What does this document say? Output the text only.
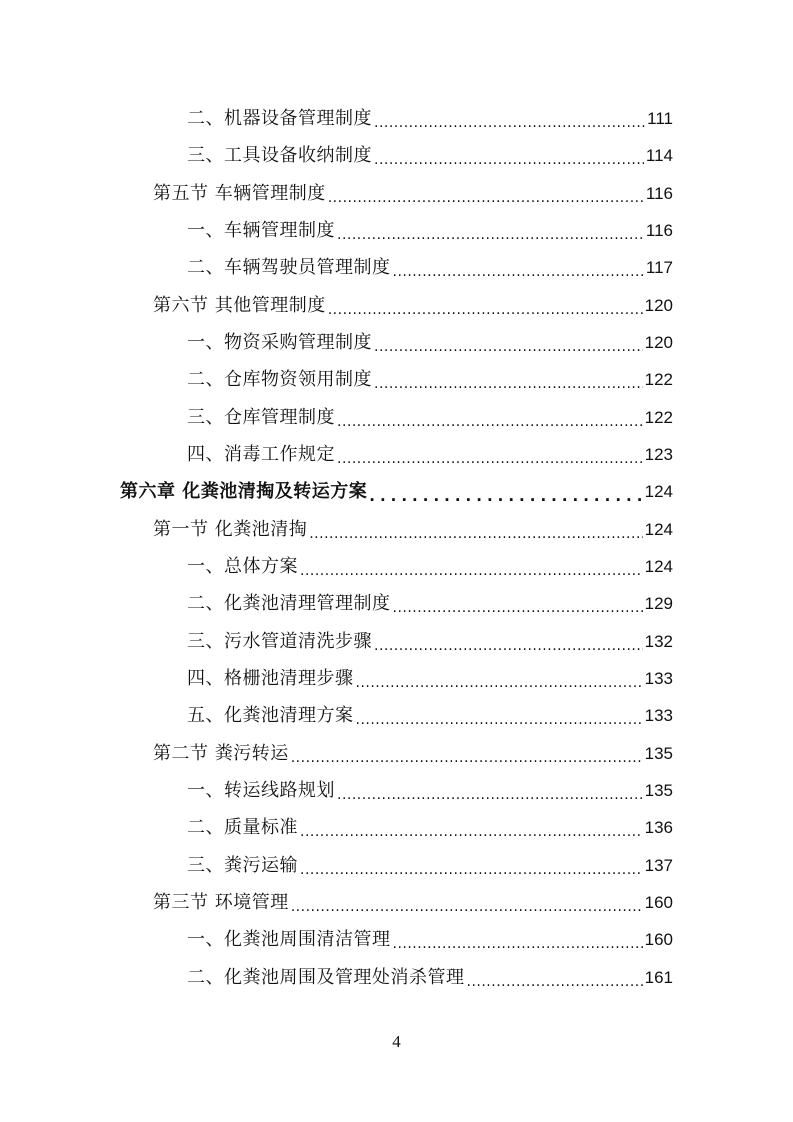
二、机器设备管理制度 .....	111
三、工具设备收纳制度 .....	114
第五节 车辆管理制度 .....	116
一、车辆管理制度 .....	116
二、车辆驾驶员管理制度 .....	117
第六节 其他管理制度 .....	120
一、物资采购管理制度 .....	120
二、仓库物资领用制度 .....	122
三、仓库管理制度 .....	122
四、消毒工作规定 .....	123
第六章 化粪池清掏及转运方案 .....	124
第一节 化粪池清掏 .....	124
一、总体方案 .....	124
二、化粪池清理管理制度 .....	129
三、污水管道清洗步骤 .....	132
四、格栅池清理步骤 .....	133
五、化粪池清理方案 .....	133
第二节 粪污转运 .....	135
一、转运线路规划 .....	135
二、质量标准 .....	136
三、粪污运输 .....	137
第三节 环境管理 .....	160
一、化粪池周围清洁管理 .....	160
二、化粪池周围及管理处消杀管理 .....	161
4
